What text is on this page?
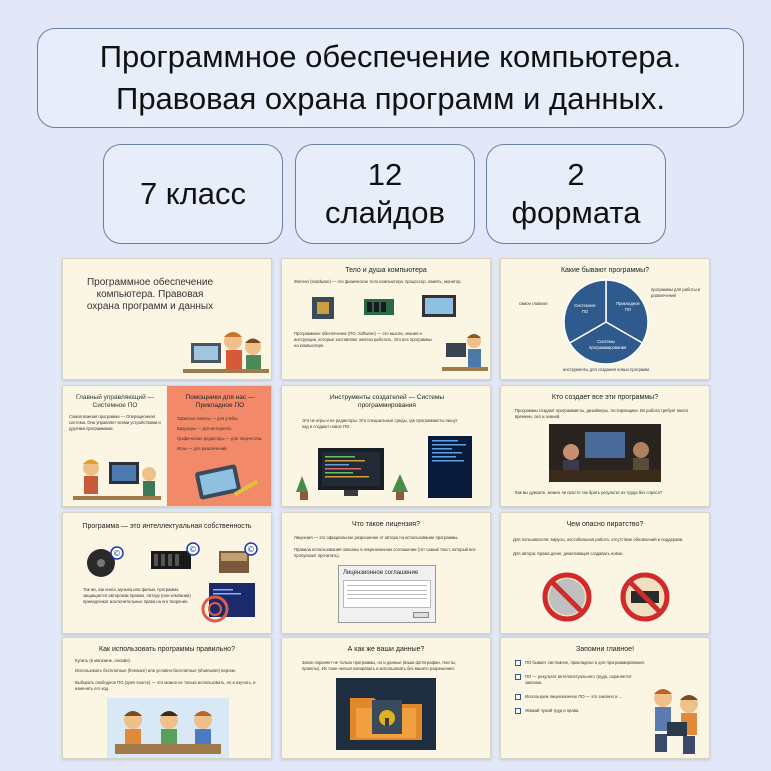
Программное обеспечение компьютера.
Правовая охрана программ и данных.
7 класс
12
слайдов
2
формата
Программное обеспечение компьютера. Правовая охрана программ и данных
Тело и душа компьютера
Железо (Hardware) — это физическое тело компьютера: процессор, память, монитор.
Программное обеспечение (ПО, Software) — это мысли, знания и инструкции, которые заставляют железо работать. Это все программы на компьютере.
Какие бывают программы?
Системное ПО
Прикладное ПО
Системы программирования
самое главное
программы для работы и развлечений
инструменты для создания новых программ
Главный управляющий — Системное ПО
Самая важная программа — Операционная система. Она управляет всеми устройствами и другими программами.
Помощники для нас — Прикладное ПО
Офисные пакеты — для учебы.
Браузеры — для интернета.
Графические редакторы — для творчества.
Игры — для развлечений.
Инструменты создателей — Системы программирования
Это не игры и не редакторы. Это специальные среды, где программисты пишут код и создают новое ПО.
Кто создает все эти программы?
Программы создают программисты, дизайнеры, тестировщики. Их работа требует много времени, сил и знаний.
Как вы думаете, можно ли просто так брать результат их труда без спроса?
Программа — это интеллектуальная собственность
©	©	©
Так же, как книга, музыка или фильм, программа защищается авторским правом. Автору (или компании) принадлежат исключительные права на его творение.
Что такое лицензия?
Лицензия — это официальное разрешение от автора на использование программы.
Правила использования описаны в лицензионном соглашении (тот самый текст, который все пропускают прочитать).
Лицензионное соглашение
Чем опасно пиратство?
Для пользователя: вирусы, нестабильная работа, отсутствие обновлений и поддержки.
Для автора: Кража денег, демотивация создавать новое.
Как использовать программы правильно?
Купить (в магазине, онлайн).
Использовать бесплатные (freeware) или условно-бесплатные (shareware) версии.
Выбирать свободное ПО (open source) — это можно не только использовать, но и изучать, и изменять его код.
А как же ваши данные?
Закон охраняет не только программы, но и данные (ваши фотографии, тексты, проекты). Их тоже нельзя копировать и использовать без вашего разрешения.
Запомни главное!
ПО бывает системное, прикладное и для программирования.
ПО — результат интеллектуального труда, охраняется законом.
Используем лицензионное ПО — это законно и ...
Уважай чужой труд и права.
